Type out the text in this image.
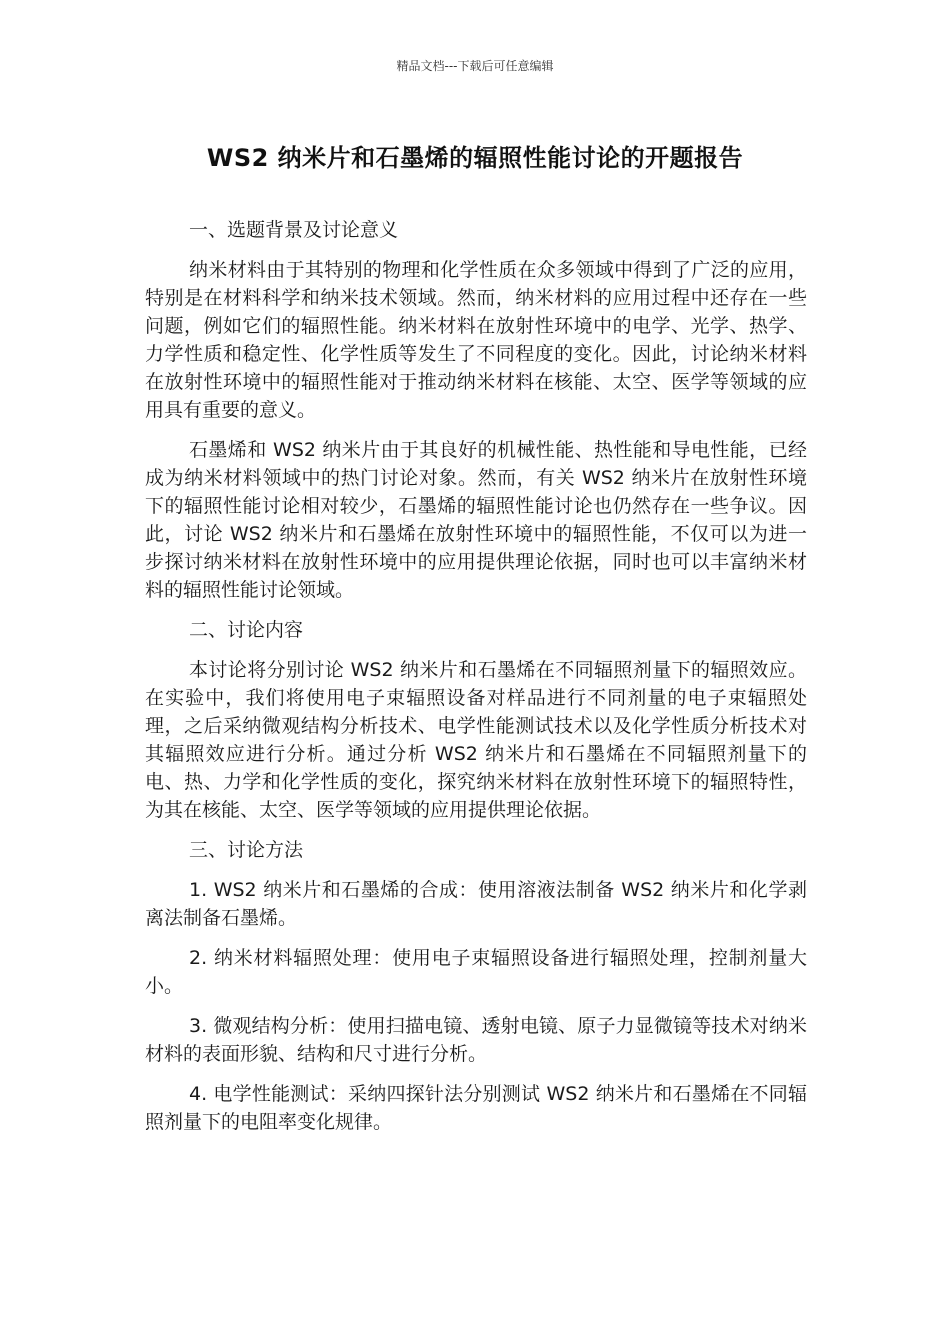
精品文档---下载后可任意编辑
WS2 纳米片和石墨烯的辐照性能讨论的开题报告

一、选题背景及讨论意义

纳米材料由于其特别的物理和化学性质在众多领域中得到了广泛的应用，特别是在材料科学和纳米技术领域。然而，纳米材料的应用过程中还存在一些问题，例如它们的辐照性能。纳米材料在放射性环境中的电学、光学、热学、力学性质和稳定性、化学性质等发生了不同程度的变化。因此，讨论纳米材料在放射性环境中的辐照性能对于推动纳米材料在核能、太空、医学等领域的应用具有重要的意义。

石墨烯和 WS2 纳米片由于其良好的机械性能、热性能和导电性能，已经成为纳米材料领域中的热门讨论对象。然而，有关 WS2 纳米片在放射性环境下的辐照性能讨论相对较少，石墨烯的辐照性能讨论也仍然存在一些争议。因此，讨论 WS2 纳米片和石墨烯在放射性环境中的辐照性能，不仅可以为进一步探讨纳米材料在放射性环境中的应用提供理论依据，同时也可以丰富纳米材料的辐照性能讨论领域。

二、讨论内容

本讨论将分别讨论 WS2 纳米片和石墨烯在不同辐照剂量下的辐照效应。在实验中，我们将使用电子束辐照设备对样品进行不同剂量的电子束辐照处理，之后采纳微观结构分析技术、电学性能测试技术以及化学性质分析技术对其辐照效应进行分析。通过分析 WS2 纳米片和石墨烯在不同辐照剂量下的电、热、力学和化学性质的变化，探究纳米材料在放射性环境下的辐照特性，为其在核能、太空、医学等领域的应用提供理论依据。

三、讨论方法

1. WS2 纳米片和石墨烯的合成：使用溶液法制备 WS2 纳米片和化学剥离法制备石墨烯。

2. 纳米材料辐照处理：使用电子束辐照设备进行辐照处理，控制剂量大小。

3. 微观结构分析：使用扫描电镜、透射电镜、原子力显微镜等技术对纳米材料的表面形貌、结构和尺寸进行分析。

4. 电学性能测试：采纳四探针法分别测试 WS2 纳米片和石墨烯在不同辐照剂量下的电阻率变化规律。
